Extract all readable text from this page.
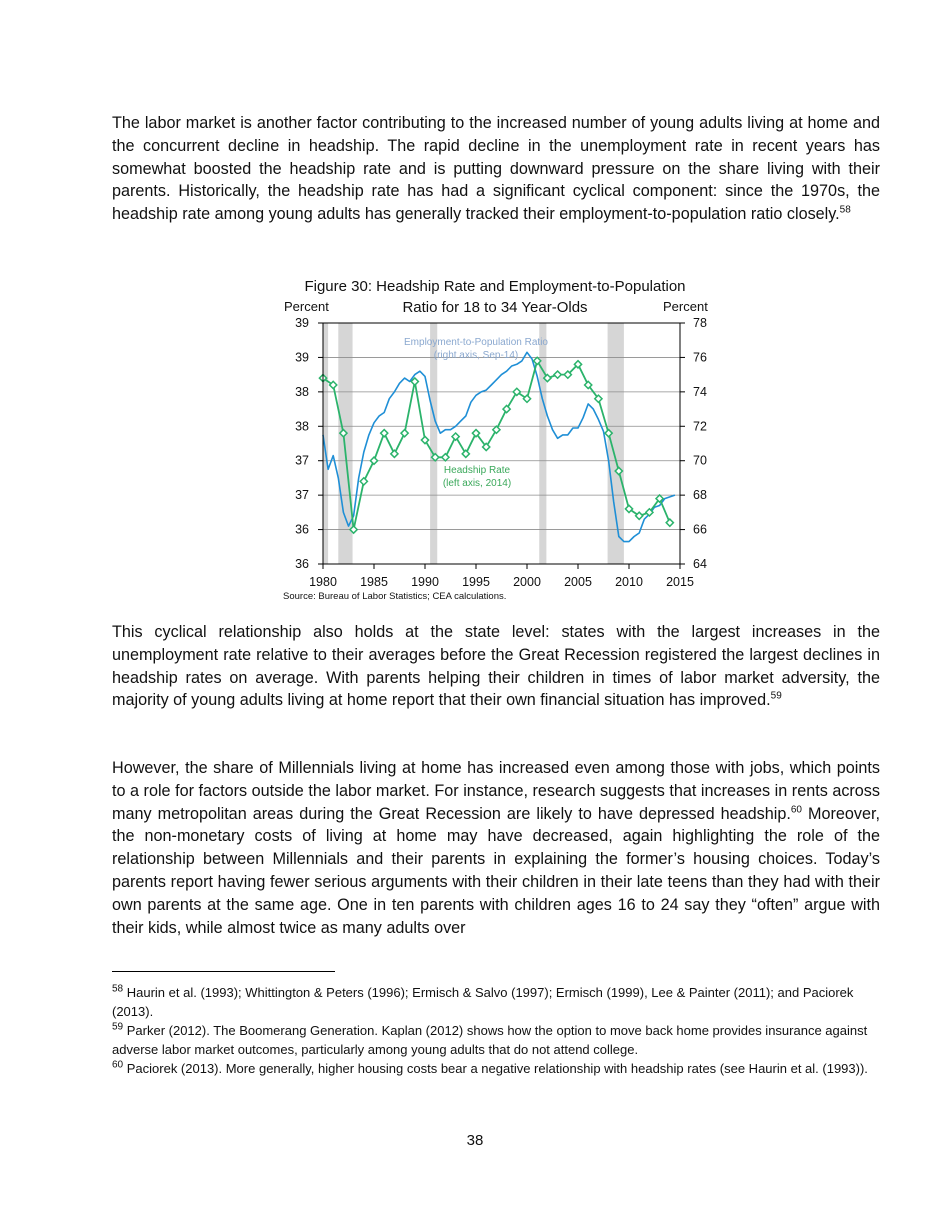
The labor market is another factor contributing to the increased number of young adults living at home and the concurrent decline in headship. The rapid decline in the unemployment rate in recent years has somewhat boosted the headship rate and is putting downward pressure on the share living with their parents. Historically, the headship rate has had a significant cyclical component: since the 1970s, the headship rate among young adults has generally tracked their employment-to-population ratio closely.$^{58}$

Figure 30: Headship Rate and Employment-to-Population
Ratio for 18 to 34 Year-Olds
Percent	Percent
39	78
39	76
38	74
38	72
37	70
37	68
36	66
36	64
1980 1985 1990 1995 2000 2005 2010 2015
Employment-to-Population Ratio
(right axis, Sep-14)
Headship Rate
(left axis, 2014)
Source: Bureau of Labor Statistics; CEA calculations.

This cyclical relationship also holds at the state level: states with the largest increases in the unemployment rate relative to their averages before the Great Recession registered the largest declines in headship rates on average. With parents helping their children in times of labor market adversity, the majority of young adults living at home report that their own financial situation has improved.$^{59}$

However, the share of Millennials living at home has increased even among those with jobs, which points to a role for factors outside the labor market. For instance, research suggests that increases in rents across many metropolitan areas during the Great Recession are likely to have depressed headship.$^{60}$ Moreover, the non-monetary costs of living at home may have decreased, again highlighting the role of the relationship between Millennials and their parents in explaining the former’s housing choices. Today’s parents report having fewer serious arguments with their children in their late teens than they had with their own parents at the same age. One in ten parents with children ages 16 to 24 say they “often” argue with their kids, while almost twice as many adults over

$^{58}$ Haurin et al. (1993); Whittington & Peters (1996); Ermisch & Salvo (1997); Ermisch (1999), Lee & Painter (2011); and Paciorek (2013).

$^{59}$ Parker (2012). The Boomerang Generation. Kaplan (2012) shows how the option to move back home provides insurance against adverse labor market outcomes, particularly among young adults that do not attend college.

$^{60}$ Paciorek (2013). More generally, higher housing costs bear a negative relationship with headship rates (see Haurin et al. (1993)).

38
